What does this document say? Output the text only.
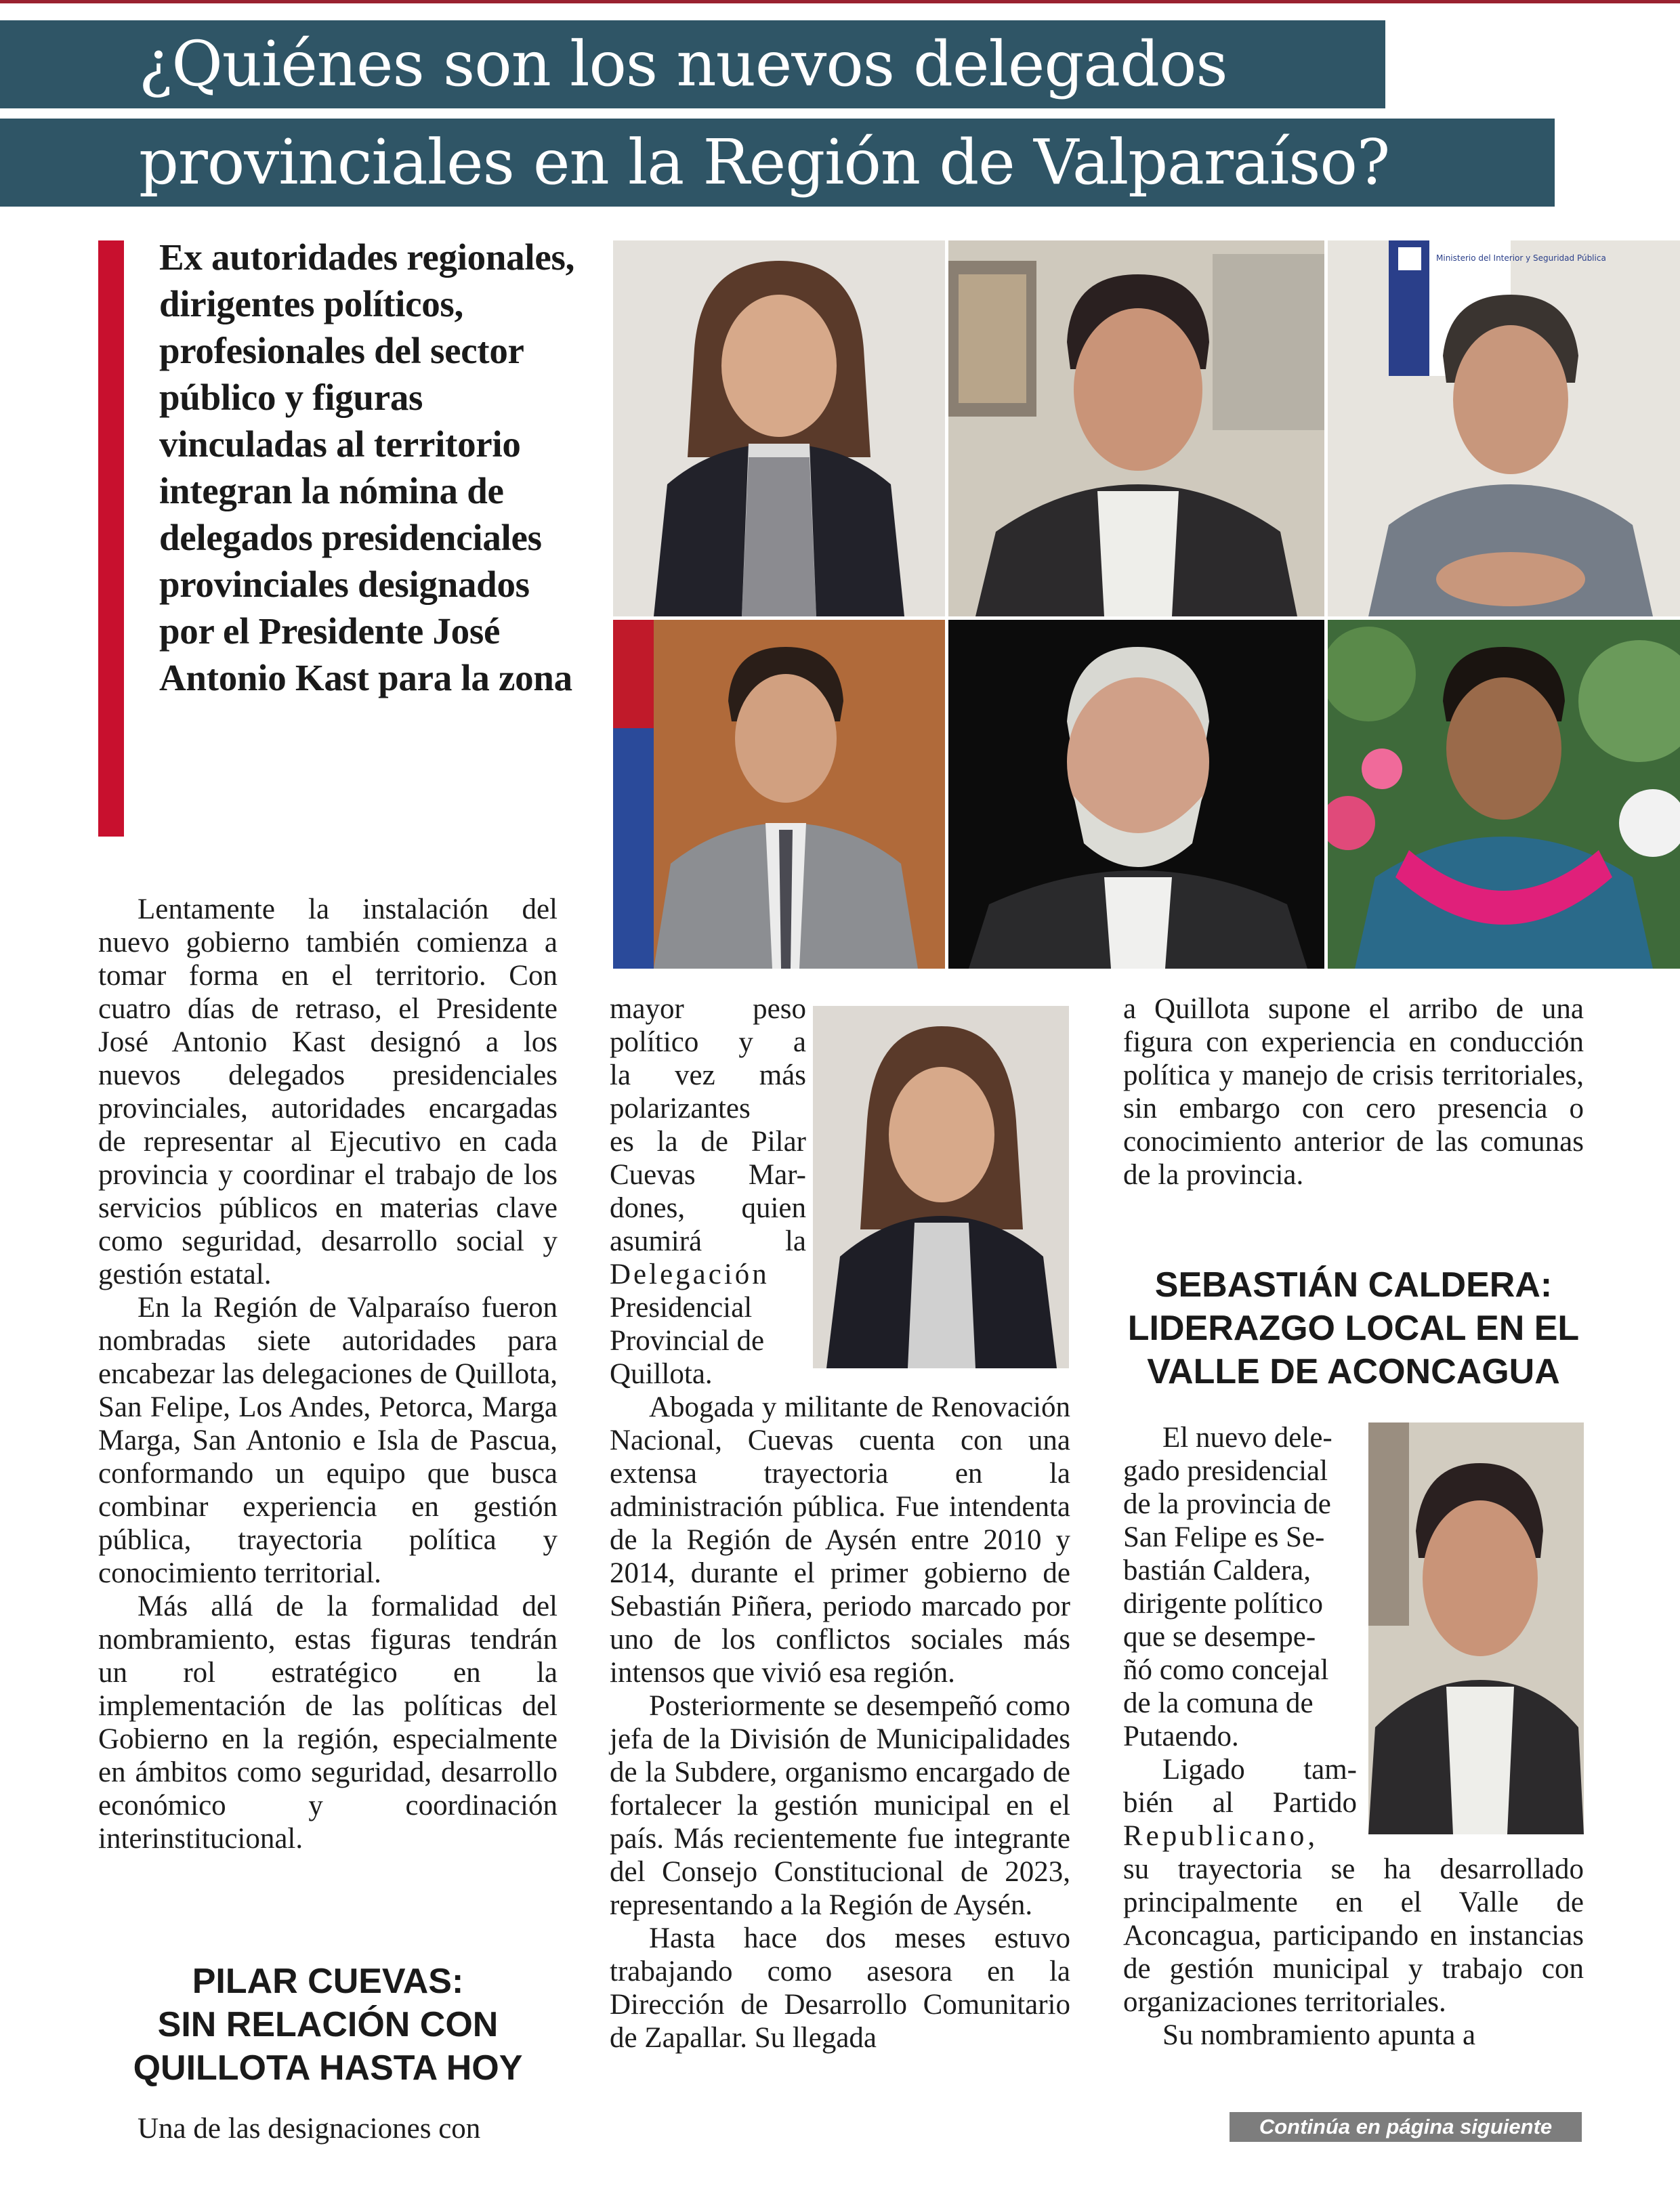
¿Quiénes son los nuevos delegados
provinciales en la Región de Valparaíso?

Ex autoridades regionales, dirigentes políticos, profesionales del sector público y figuras vinculadas al territorio integran la nómina de delegados presidenciales provinciales designados por el Presidente José Antonio Kast para la zona

Ministerio del Interior y Seguridad Pública

Lentamente la instalación del nuevo gobierno también comienza a tomar forma en el territorio. Con cuatro días de retraso, el Presidente José Antonio Kast designó a los nuevos delegados presidenciales provinciales, autoridades encargadas de representar al Ejecutivo en cada provincia y coordinar el trabajo de los servicios públicos en materias clave como seguridad, desarrollo social y gestión estatal.

En la Región de Valparaíso fueron nombradas siete autoridades para encabezar las delegaciones de Quillota, San Felipe, Los Andes, Petorca, Marga Marga, San Antonio e Isla de Pascua, conformando un equipo que busca combinar experiencia en gestión pública, trayectoria política y conocimiento territorial.

Más allá de la formalidad del nombramiento, estas figuras tendrán un rol estratégico en la implementación de las políticas del Gobierno en la región, especialmente en ámbitos como seguridad, desarrollo económico y coordinación interinstitucional.

PILAR CUEVAS:
SIN RELACIÓN CON
QUILLOTA HASTA HOY

Una de las designaciones con

mayor peso
político y a
la vez más
polarizantes
es la de Pilar
Cuevas Mar-
dones, quien
asumirá la
Delegación
Presidencial
Provincial de
Quillota.

Abogada y militante de Renovación Nacional, Cuevas cuenta con una extensa trayectoria en la administración pública. Fue intendenta de la Región de Aysén entre 2010 y 2014, durante el primer gobierno de Sebastián Piñera, periodo marcado por uno de los conflictos sociales más intensos que vivió esa región.

Posteriormente se desempeñó como jefa de la División de Municipalidades de la Subdere, organismo encargado de fortalecer la gestión municipal en el país. Más recientemente fue integrante del Consejo Constitucional de 2023, representando a la Región de Aysén.

Hasta hace dos meses estuvo trabajando como asesora en la Dirección de Desarrollo Comunitario de Zapallar. Su llegada

a Quillota supone el arribo de una figura con experiencia en conducción política y manejo de crisis territoriales, sin embargo con cero presencia o conocimiento anterior de las comunas de la provincia.

SEBASTIÁN CALDERA:
LIDERAZGO LOCAL EN EL
VALLE DE ACONCAGUA
El nuevo dele-
gado presidencial
de la provincia de
San Felipe es Se-
bastián Caldera,
dirigente político
que se desempe-
ñó como concejal
de la comuna de
Putaendo.
Ligado tam-
bién al Partido
Republicano,

su trayectoria se ha desarrollado principalmente en el Valle de Aconcagua, participando en instancias de gestión municipal y trabajo con organizaciones territoriales.

Su nombramiento apunta a

Continúa en página siguiente
